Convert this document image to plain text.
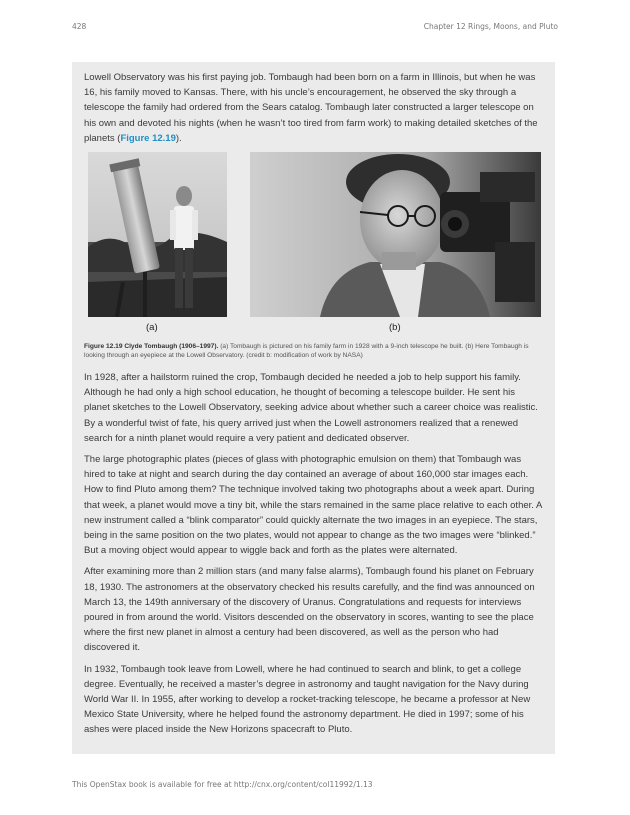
428	Chapter 12 Rings, Moons, and Pluto

Lowell Observatory was his first paying job. Tombaugh had been born on a farm in Illinois, but when he was 16, his family moved to Kansas. There, with his uncle’s encouragement, he observed the sky through a telescope the family had ordered from the Sears catalog. Tombaugh later constructed a larger telescope on his own and devoted his nights (when he wasn’t too tired from farm work) to making detailed sketches of the planets (Figure 12.19).

(a)	(b)

Figure 12.19 Clyde Tombaugh (1906–1997). (a) Tombaugh is pictured on his family farm in 1928 with a 9-inch telescope he built. (b) Here Tombaugh is looking through an eyepiece at the Lowell Observatory. (credit b: modification of work by NASA)

In 1928, after a hailstorm ruined the crop, Tombaugh decided he needed a job to help support his family. Although he had only a high school education, he thought of becoming a telescope builder. He sent his planet sketches to the Lowell Observatory, seeking advice about whether such a career choice was realistic. By a wonderful twist of fate, his query arrived just when the Lowell astronomers realized that a renewed search for a ninth planet would require a very patient and dedicated observer.

The large photographic plates (pieces of glass with photographic emulsion on them) that Tombaugh was hired to take at night and search during the day contained an average of about 160,000 star images each. How to find Pluto among them? The technique involved taking two photographs about a week apart. During that week, a planet would move a tiny bit, while the stars remained in the same place relative to each other. A new instrument called a “blink comparator” could quickly alternate the two images in an eyepiece. The stars, being in the same position on the two plates, would not appear to change as the two images were “blinked.” But a moving object would appear to wiggle back and forth as the plates were alternated.

After examining more than 2 million stars (and many false alarms), Tombaugh found his planet on February 18, 1930. The astronomers at the observatory checked his results carefully, and the find was announced on March 13, the 149th anniversary of the discovery of Uranus. Congratulations and requests for interviews poured in from around the world. Visitors descended on the observatory in scores, wanting to see the place where the first new planet in almost a century had been discovered, as well as the person who had discovered it.

In 1932, Tombaugh took leave from Lowell, where he had continued to search and blink, to get a college degree. Eventually, he received a master’s degree in astronomy and taught navigation for the Navy during World War II. In 1955, after working to develop a rocket-tracking telescope, he became a professor at New Mexico State University, where he helped found the astronomy department. He died in 1997; some of his ashes were placed inside the New Horizons spacecraft to Pluto.

This OpenStax book is available for free at http://cnx.org/content/col11992/1.13
